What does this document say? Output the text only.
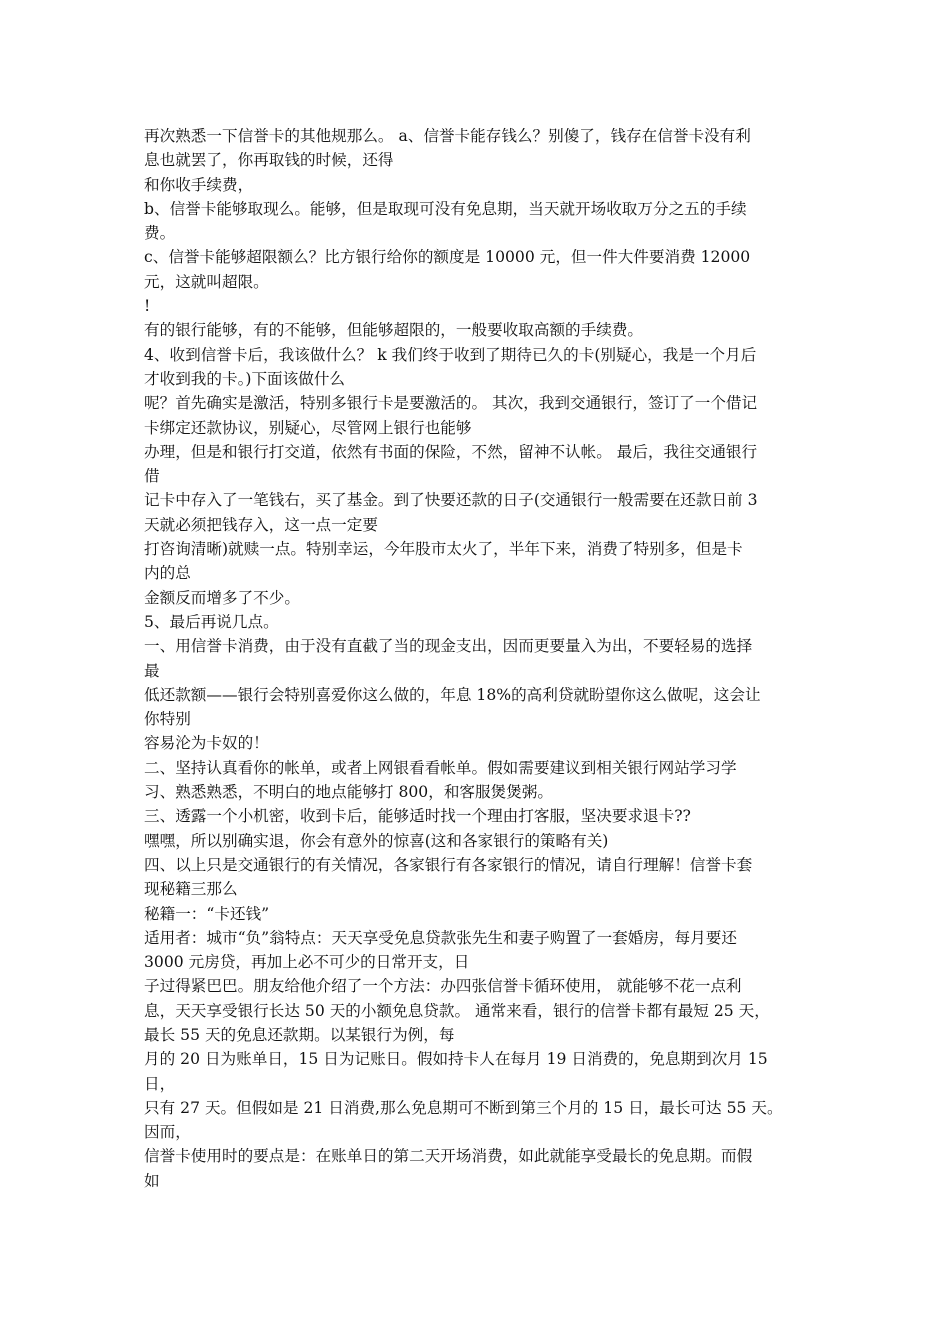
再次熟悉一下信誉卡的其他规那么。 a、信誉卡能存钱么？别傻了，钱存在信誉卡没有利
息也就罢了，你再取钱的时候，还得
和你收手续费，
b、信誉卡能够取现么。能够，但是取现可没有免息期，当天就开场收取万分之五的手续
费。
c、信誉卡能够超限额么？比方银行给你的额度是 10000 元，但一件大件要消费 12000
元，这就叫超限。
!
有的银行能够，有的不能够，但能够超限的，一般要收取高额的手续费。
4、收到信誉卡后，我该做什么？ k 我们终于收到了期待已久的卡(别疑心，我是一个月后
才收到我的卡。)下面该做什么
呢？首先确实是激活，特别多银行卡是要激活的。 其次，我到交通银行，签订了一个借记
卡绑定还款协议，别疑心，尽管网上银行也能够
办理，但是和银行打交道，依然有书面的保险，不然，留神不认帐。 最后，我往交通银行
借
记卡中存入了一笔钱右，买了基金。到了快要还款的日子(交通银行一般需要在还款日前 3
天就必须把钱存入，这一点一定要
打咨询清晰)就赎一点。特别幸运，今年股市太火了，半年下来，消费了特别多，但是卡
内的总
金额反而增多了不少。
5、最后再说几点。
一、用信誉卡消费，由于没有直截了当的现金支出，因而更要量入为出，不要轻易的选择
最
低还款额——银行会特别喜爱你这么做的，年息 18%的高利贷就盼望你这么做呢，这会让
你特别
容易沦为卡奴的！
二、坚持认真看你的帐单，或者上网银看看帐单。假如需要建议到相关银行网站学习学
习、熟悉熟悉，不明白的地点能够打 800，和客服煲煲粥。
三、透露一个小机密，收到卡后，能够适时找一个理由打客服，坚决要求退卡??
嘿嘿，所以别确实退，你会有意外的惊喜(这和各家银行的策略有关)
四、以上只是交通银行的有关情况，各家银行有各家银行的情况，请自行理解！信誉卡套
现秘籍三那么
秘籍一：“卡还钱”
适用者：城市“负”翁特点：天天享受免息贷款张先生和妻子购置了一套婚房，每月要还
3000 元房贷，再加上必不可少的日常开支，日
子过得紧巴巴。朋友给他介绍了一个方法：办四张信誉卡循环使用， 就能够不花一点利
息，天天享受银行长达 50 天的小额免息贷款。 通常来看，银行的信誉卡都有最短 25 天，
最长 55 天的免息还款期。以某银行为例，每
月的 20 日为账单日，15 日为记账日。假如持卡人在每月 19 日消费的，免息期到次月 15
日，
只有 27 天。但假如是 21 日消费,那么免息期可不断到第三个月的 15 日，最长可达 55 天。
因而，
信誉卡使用时的要点是：在账单日的第二天开场消费，如此就能享受最长的免息期。而假
如
